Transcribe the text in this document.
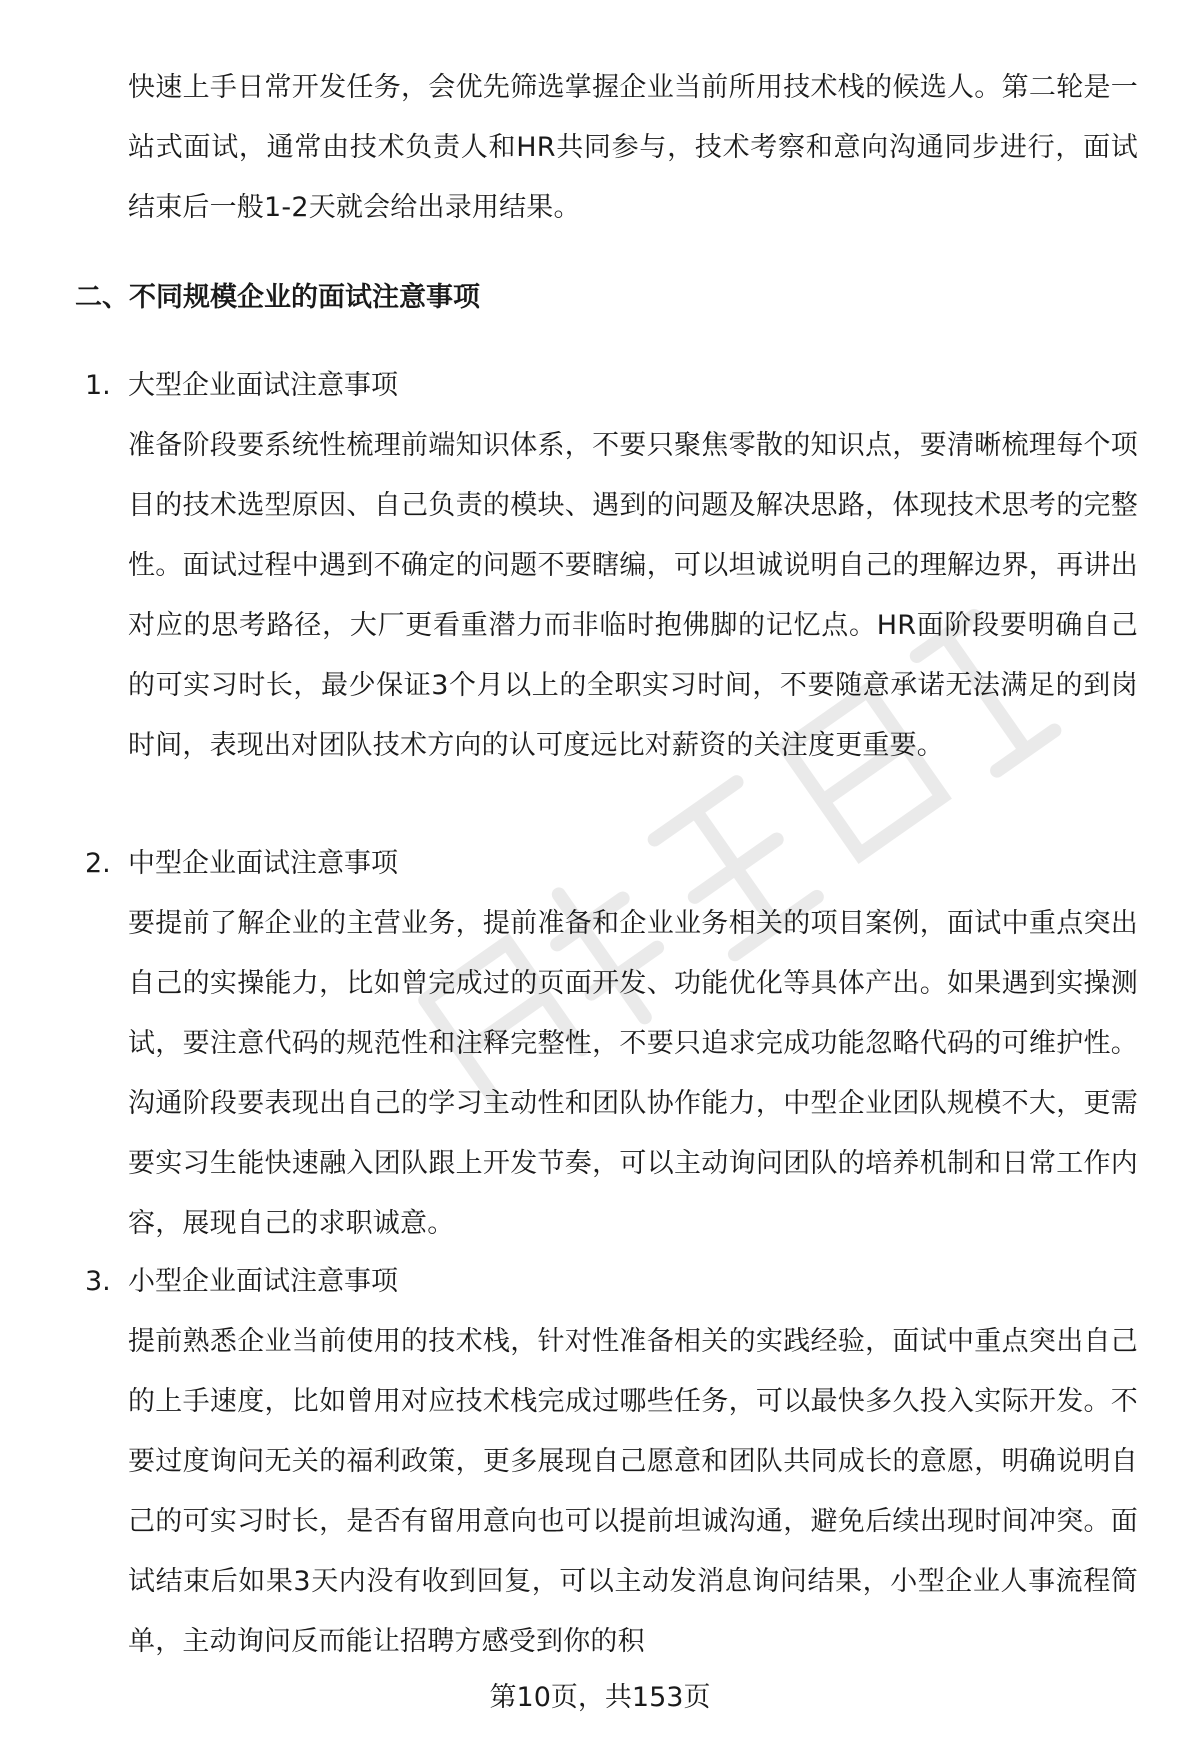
快速上手日常开发任务，会优先筛选掌握企业当前所用技术栈的候选人。第二轮是一站式面试，通常由技术负责人和HR共同参与，技术考察和意向沟通同步进行，面试结束后一般1-2天就会给出录用结果。

二、不同规模企业的面试注意事项
1. 大型企业面试注意事项

准备阶段要系统性梳理前端知识体系，不要只聚焦零散的知识点，要清晰梳理每个项目的技术选型原因、自己负责的模块、遇到的问题及解决思路，体现技术思考的完整性。面试过程中遇到不确定的问题不要瞎编，可以坦诚说明自己的理解边界，再讲出对应的思考路径，大厂更看重潜力而非临时抱佛脚的记忆点。HR面阶段要明确自己的可实习时长，最少保证3个月以上的全职实习时间，不要随意承诺无法满足的到岗时间，表现出对团队技术方向的认可度远比对薪资的关注度更重要。

2. 中型企业面试注意事项

要提前了解企业的主营业务，提前准备和企业业务相关的项目案例，面试中重点突出自己的实操能力，比如曾完成过的页面开发、功能优化等具体产出。如果遇到实操测试，要注意代码的规范性和注释完整性，不要只追求完成功能忽略代码的可维护性。沟通阶段要表现出自己的学习主动性和团队协作能力，中型企业团队规模不大，更需要实习生能快速融入团队跟上开发节奏，可以主动询问团队的培养机制和日常工作内容，展现自己的求职诚意。

3. 小型企业面试注意事项

提前熟悉企业当前使用的技术栈，针对性准备相关的实践经验，面试中重点突出自己的上手速度，比如曾用对应技术栈完成过哪些任务，可以最快多久投入实际开发。不要过度询问无关的福利政策，更多展现自己愿意和团队共同成长的意愿，明确说明自己的可实习时长，是否有留用意向也可以提前坦诚沟通，避免后续出现时间冲突。面试结束后如果3天内没有收到回复，可以主动发消息询问结果，小型企业人事流程简单，主动询问反而能让招聘方感受到你的积

第10页，共153页
